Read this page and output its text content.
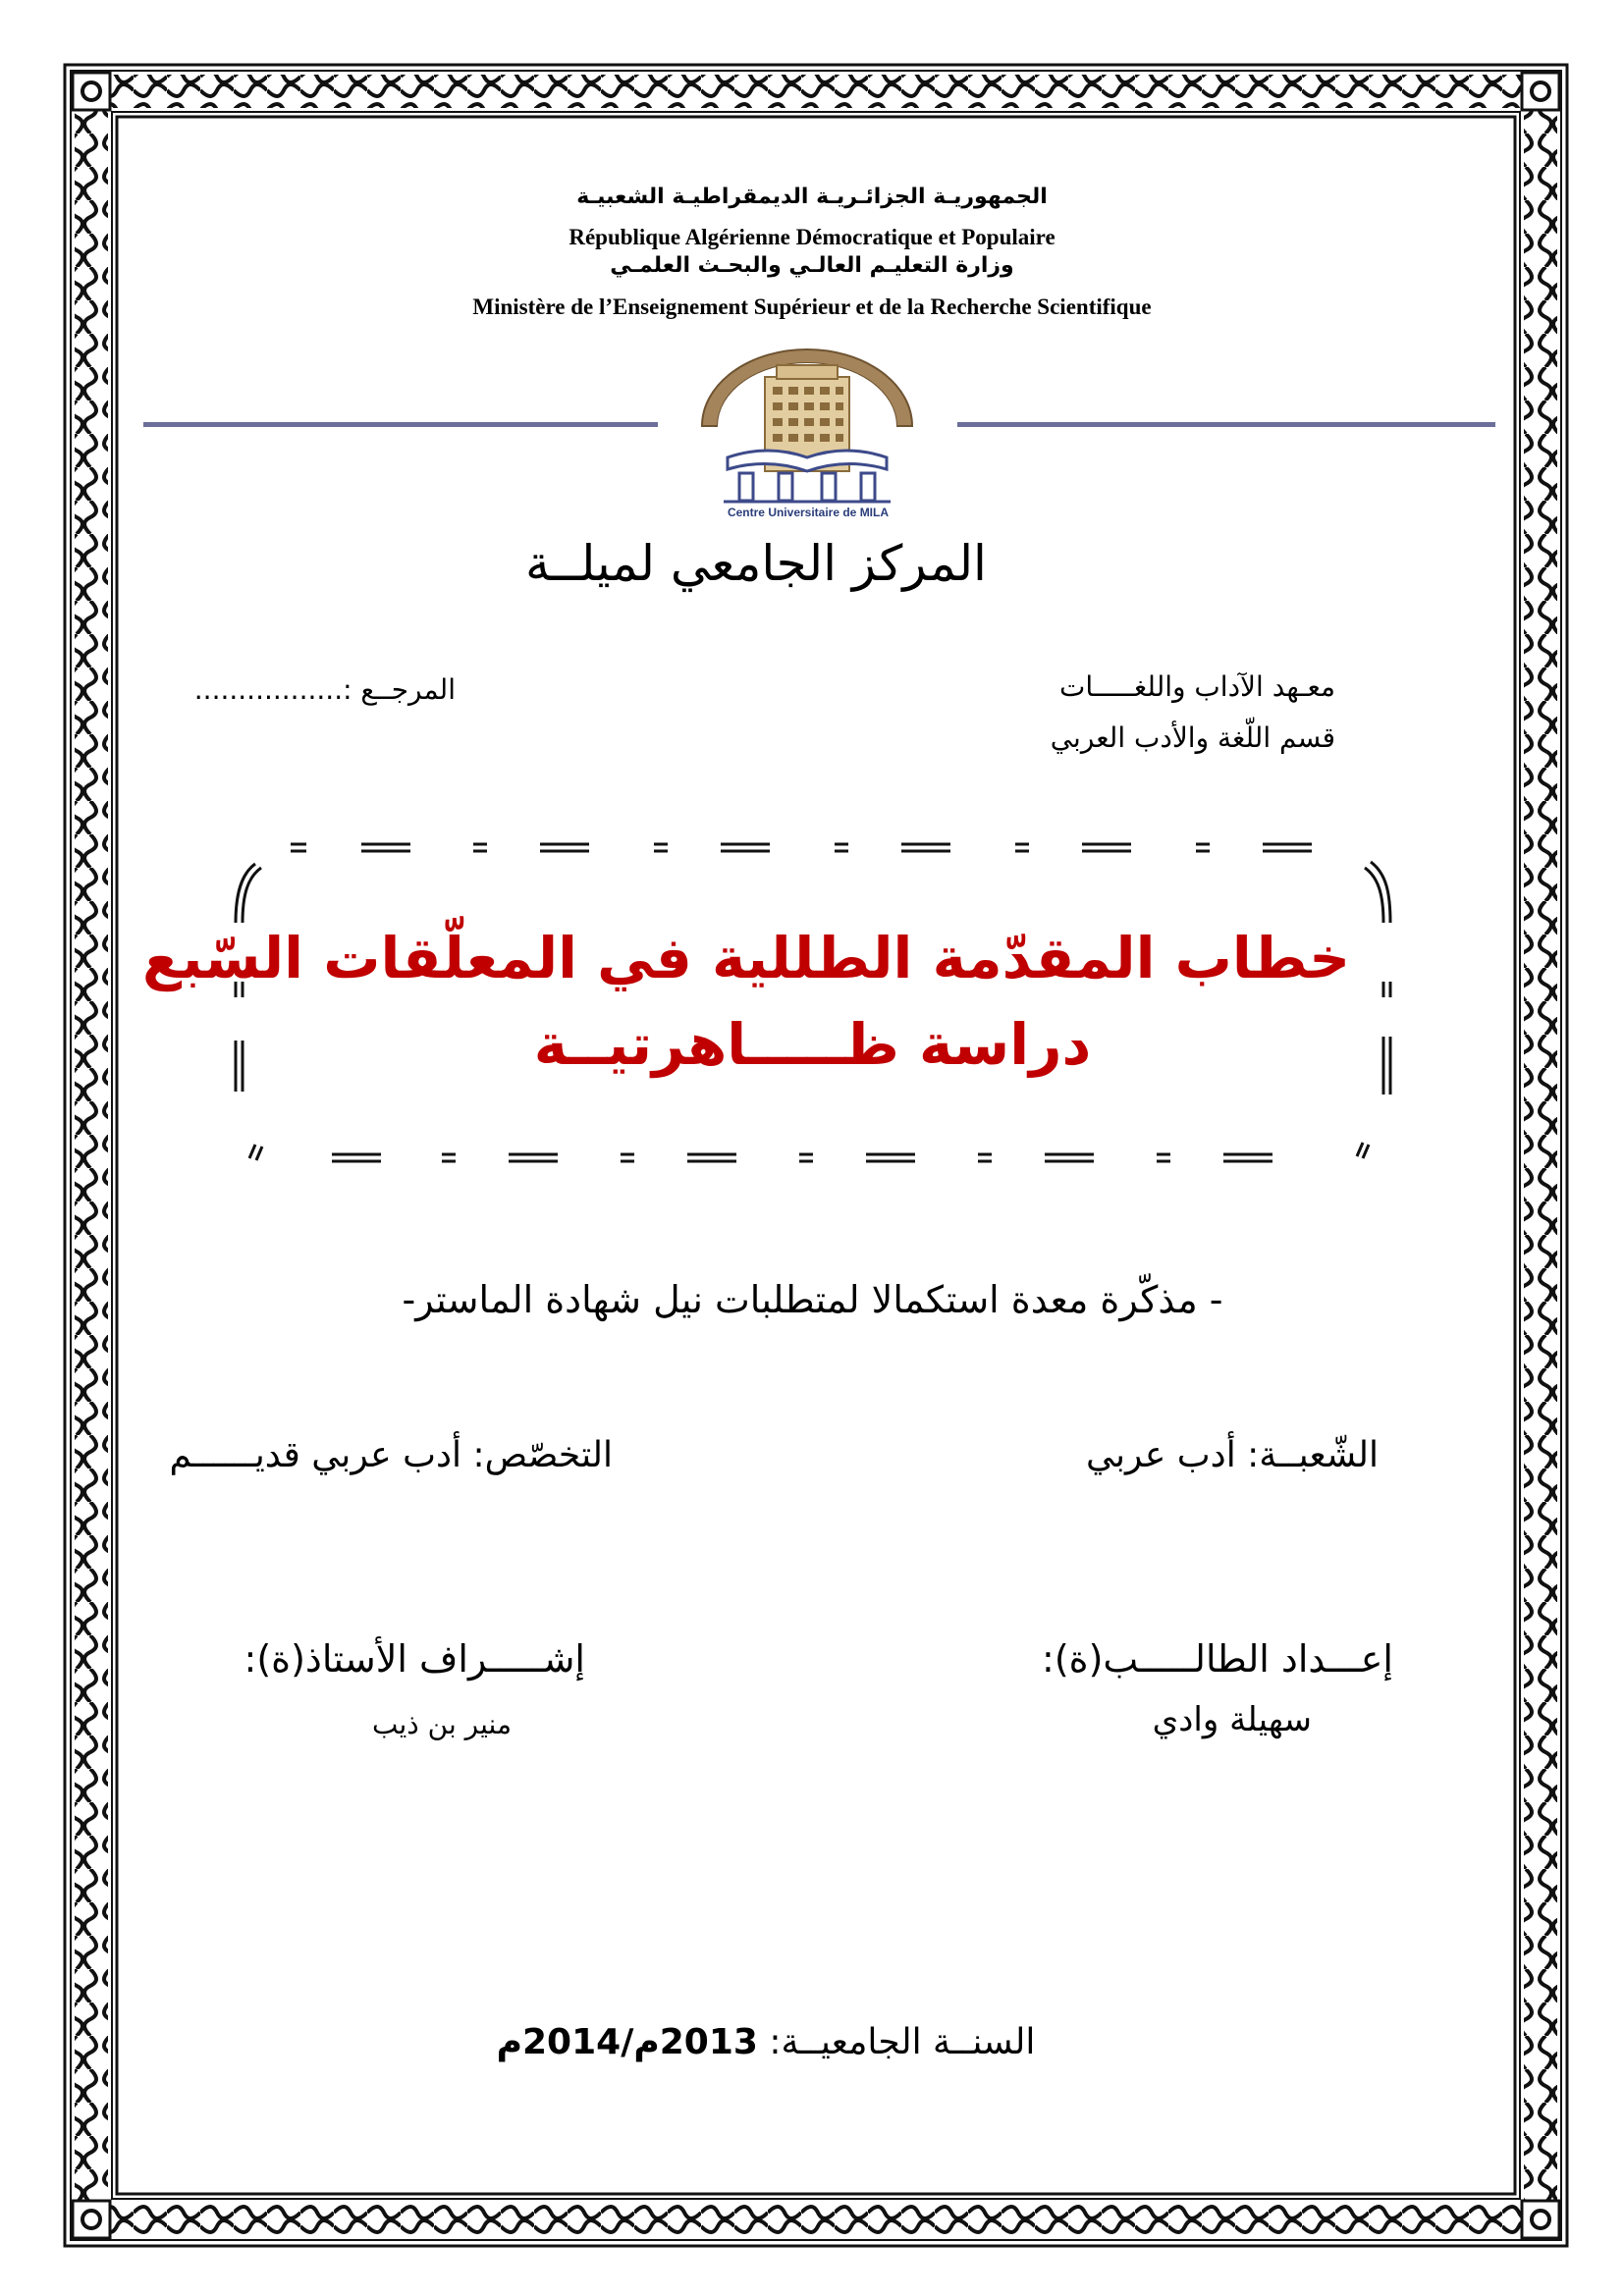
الجمهوريـة الجزائـريـة الديمقراطيـة الشعبيـة
République Algérienne Démocratique et Populaire
وزارة التعليـم العالـي والبحـث العلمـي
Ministère de l’Enseignement Supérieur et de la Recherche Scientifique
Centre Universitaire de MILA
المركز الجامعي لميلــة
معـهد الآداب واللغـــــات
قسم اللّغة والأدب العربي
المرجــع :.................
خطاب المقدّمة الطللية في المعلّقات السّبع
دراسة ظـــــاهرتيــة
- مذكّرة معدة استكمالا لمتطلبات نيل شهادة الماستر-
الشّعبــة: أدب عربي
التخصّص: أدب عربي قديــــــم
إعـــداد الطالـــــب(ة):
سهيلة وادي
إشـــــراف الأستاذ(ة):
منير بن ذيب
السنــة الجامعيــة: 2013م/2014م
